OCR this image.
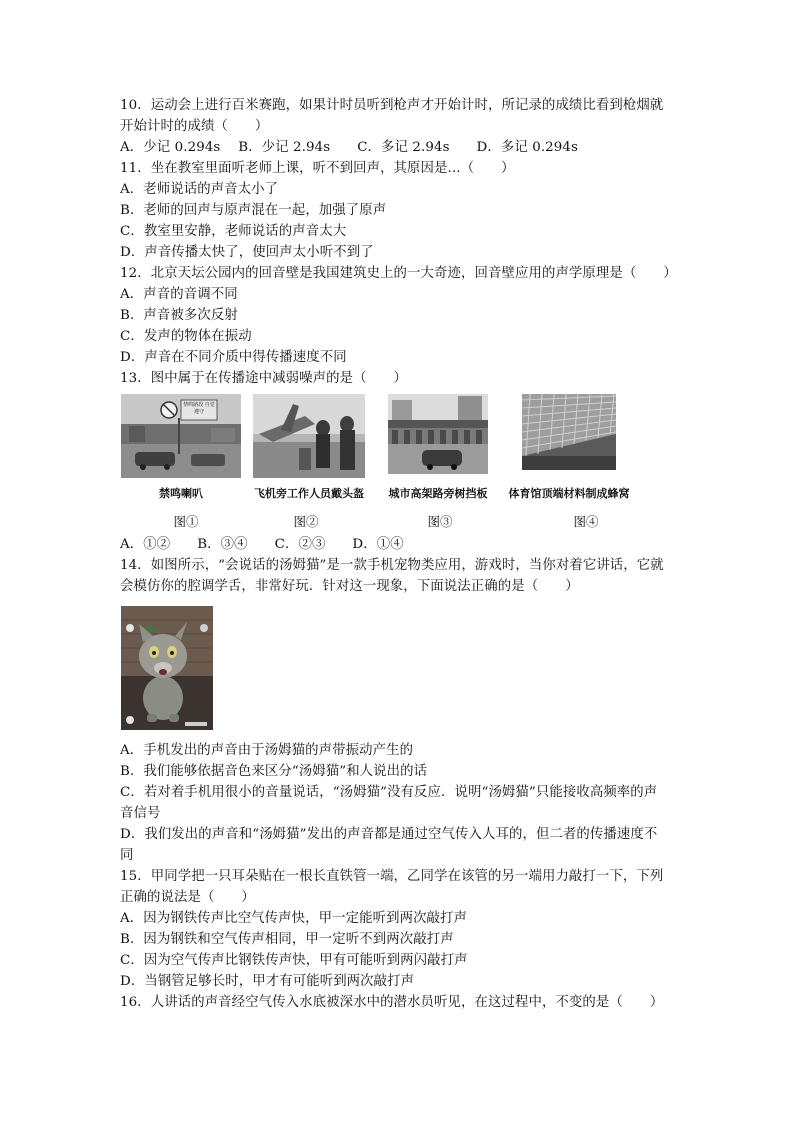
10．运动会上进行百米赛跑，如果计时员听到枪声才开始计时，所记录的成绩比看到枪烟就
开始计时的成绩（　　）
A．少记 0.294s　 B．少记 2.94s　　C．多记 2.94s　　D．多记 0.294s
11．坐在教室里面听老师上课，听不到回声，其原因是...（　　）
A．老师说话的声音太小了
B．老师的回声与原声混在一起，加强了原声
C．教室里安静，老师说话的声音太大
D．声音传播太快了，使回声太小听不到了
12．北京天坛公园内的回音壁是我国建筑史上的一大奇迹，回音壁应用的声学原理是（　　）
A．声音的音调不同
B．声音被多次反射
C．发声的物体在振动
D．声音在不同介质中得传播速度不同
13．图中属于在传播途中减弱噪声的是（　　）
禁鸣路段 自觉遵守
禁鸣喇叭	飞机旁工作人员戴头盔	城市高架路旁树挡板	体育馆顶端材料制成蜂窝
图①	图②	图③	图④
A．①②　　B．③④　　C．②③　　D．①④
14．如图所示，“会说话的汤姆猫”是一款手机宠物类应用，游戏时，当你对着它讲话，它就
会模仿你的腔调学舌，非常好玩．针对这一现象，下面说法正确的是（　　）
A．手机发出的声音由于汤姆猫的声带振动产生的
B．我们能够依据音色来区分“汤姆猫”和人说出的话
C．若对着手机用很小的音量说话，“汤姆猫”没有反应．说明“汤姆猫”只能接收高频率的声
音信号
D．我们发出的声音和“汤姆猫”发出的声音都是通过空气传入人耳的，但二者的传播速度不
同
15．甲同学把一只耳朵贴在一根长直铁管一端，乙同学在该管的另一端用力敲打一下，下列
正确的说法是（　　）
A．因为钢铁传声比空气传声快，甲一定能听到两次敲打声
B．因为钢铁和空气传声相同，甲一定听不到两次敲打声
C．因为空气传声比钢铁传声快，甲有可能听到两闪敲打声
D．当钢管足够长时，甲才有可能听到两次敲打声
16．人讲话的声音经空气传入水底被深水中的潜水员听见，在这过程中，不变的是（　　）
